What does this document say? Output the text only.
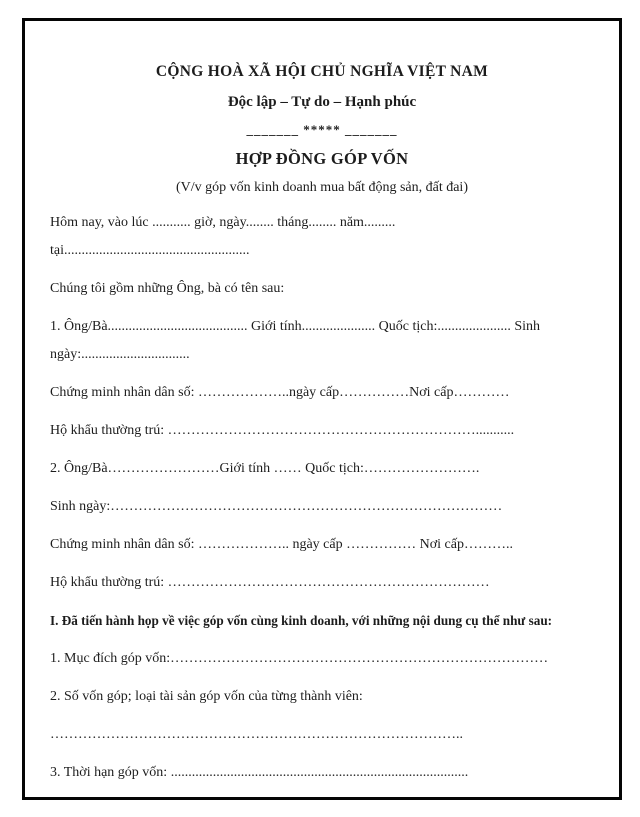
CỘNG HOÀ XÃ HỘI CHỦ NGHĨA VIỆT NAM

Độc lập – Tự do – Hạnh phúc

_______ ***** _______

HỢP ĐỒNG GÓP VỐN

(V/v góp vốn kinh doanh mua bất động sản, đất đai)

Hôm nay, vào lúc ........... giờ, ngày........ tháng........ năm.........

tại.....................................................

Chúng tôi gồm những Ông, bà có tên sau:

1. Ông/Bà........................................ Giới tính..................... Quốc tịch:..................... Sinh

ngày:...............................

Chứng minh nhân dân số: ………………..ngày cấp……………Nơi cấp…………

Hộ khẩu thường trú: …………………………………………………………...........

2. Ông/Bà……………………Giới tính …… Quốc tịch:…………………….

Sinh ngày:…………………………………………………………………………

Chứng minh nhân dân số: ……………….. ngày cấp …………… Nơi cấp………..

Hộ khẩu thường trú: ……………………………………………………………

I. Đã tiến hành họp về việc góp vốn cùng kinh doanh, với những nội dung cụ thể như sau:

1. Mục đích góp vốn:………………………………………………………………………

2. Số vốn góp; loại tài sản góp vốn của từng thành viên:

……………………………………………………………………………..

3. Thời hạn góp vốn: .....................................................................................
